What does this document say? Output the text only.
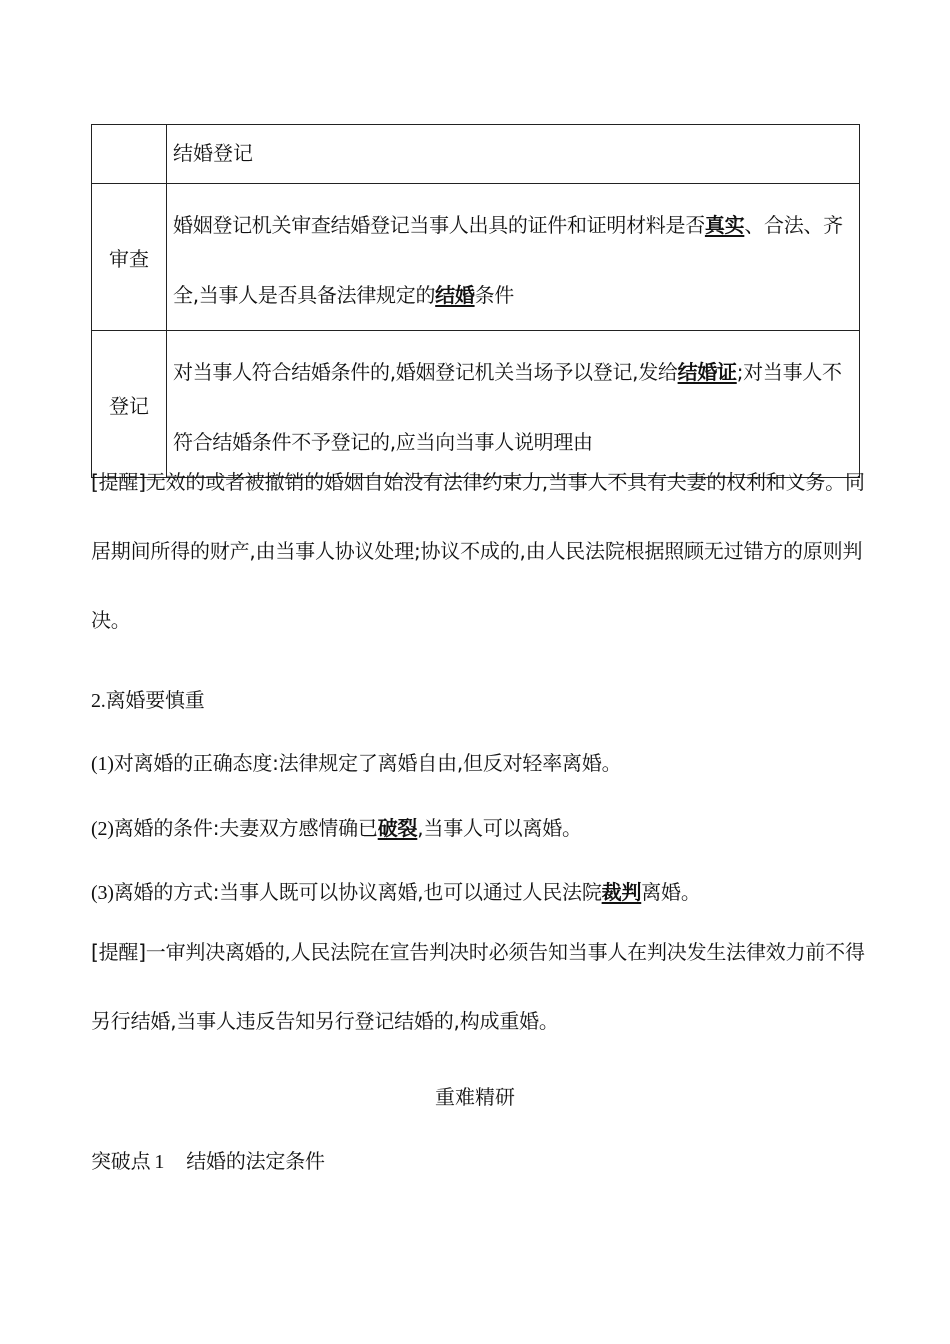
	结婚登记
审查	婚姻登记机关审查结婚登记当事人出具的证件和证明材料是否真实、合法、齐全,当事人是否具备法律规定的结婚条件
登记	对当事人符合结婚条件的,婚姻登记机关当场予以登记,发给结婚证;对当事人不符合结婚条件不予登记的,应当向当事人说明理由
[提醒]无效的或者被撤销的婚姻自始没有法律约束力,当事人不具有夫妻的权利和义务。同居期间所得的财产,由当事人协议处理;协议不成的,由人民法院根据照顾无过错方的原则判决。
2.离婚要慎重
(1)对离婚的正确态度:法律规定了离婚自由,但反对轻率离婚。
(2)离婚的条件:夫妻双方感情确已破裂,当事人可以离婚。
(3)离婚的方式:当事人既可以协议离婚,也可以通过人民法院裁判离婚。
[提醒]一审判决离婚的,人民法院在宣告判决时必须告知当事人在判决发生法律效力前不得另行结婚,当事人违反告知另行登记结婚的,构成重婚。
重难精研
突破点 1 结婚的法定条件
